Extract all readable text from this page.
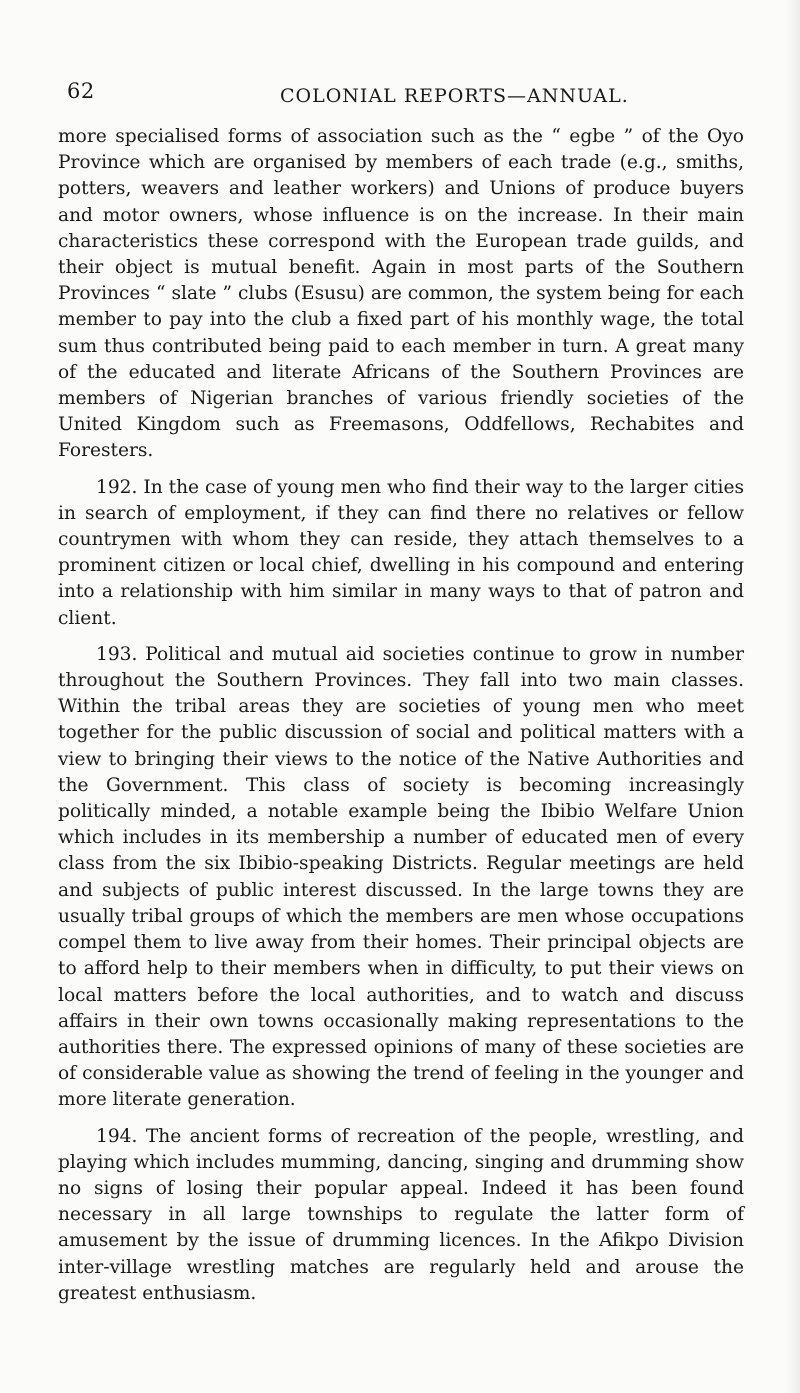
62	COLONIAL REPORTS—ANNUAL.

more specialised forms of association such as the “ egbe ” of the Oyo Province which are organised by members of each trade (e.g., smiths, potters, weavers and leather workers) and Unions of produce buyers and motor owners, whose influence is on the increase. In their main characteristics these correspond with the European trade guilds, and their object is mutual benefit. Again in most parts of the Southern Provinces “ slate ” clubs (Esusu) are common, the system being for each member to pay into the club a fixed part of his monthly wage, the total sum thus contributed being paid to each member in turn. A great many of the educated and literate Africans of the Southern Provinces are members of Nigerian branches of various friendly societies of the United Kingdom such as Freemasons, Oddfellows, Rechabites and Foresters.

192. In the case of young men who find their way to the larger cities in search of employment, if they can find there no relatives or fellow countrymen with whom they can reside, they attach themselves to a prominent citizen or local chief, dwelling in his compound and entering into a relationship with him similar in many ways to that of patron and client.

193. Political and mutual aid societies continue to grow in number throughout the Southern Provinces. They fall into two main classes. Within the tribal areas they are societies of young men who meet together for the public discussion of social and political matters with a view to bringing their views to the notice of the Native Authorities and the Government. This class of society is becoming increasingly politically minded, a notable example being the Ibibio Welfare Union which includes in its membership a number of educated men of every class from the six Ibibio-speaking Districts. Regular meetings are held and subjects of public interest discussed. In the large towns they are usually tribal groups of which the members are men whose occupations compel them to live away from their homes. Their principal objects are to afford help to their members when in difficulty, to put their views on local matters before the local authorities, and to watch and discuss affairs in their own towns occasionally making representations to the authorities there. The expressed opinions of many of these societies are of considerable value as showing the trend of feeling in the younger and more literate generation.

194. The ancient forms of recreation of the people, wrestling, and playing which includes mumming, dancing, singing and drumming show no signs of losing their popular appeal. Indeed it has been found necessary in all large townships to regulate the latter form of amusement by the issue of drumming licences. In the Afikpo Division inter-village wrestling matches are regularly held and arouse the greatest enthusiasm.
